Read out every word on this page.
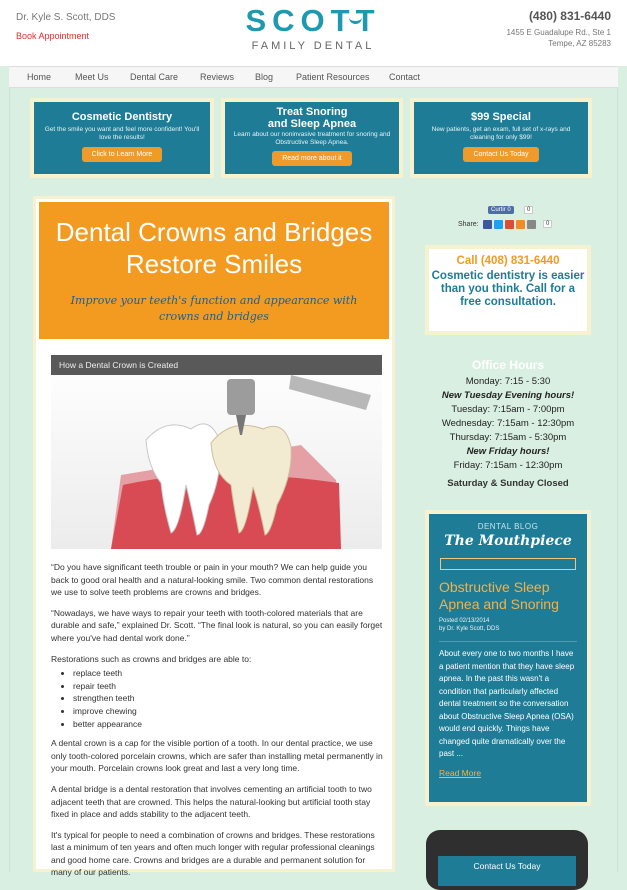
Dr. Kyle S. Scott, DDS
Book Appointment	SCOTT
FAMILY DENTAL
(480) 831-6440
1455 E Guadalupe Rd., Ste 1
Tempe, AZ 85283
Home	Meet Us Dental Care Reviews Blog	Patient Resources Contact
Cosmetic Dentistry
Get the smile you want and feel more confident! You'll love the results!
Click to Learn More
Treat Snoring
and Sleep Apnea
Learn about our noninvasive treatment for snoring and Obstructive Sleep Apnea.
Read more about it
$99 Special
New patients, get an exam, full set of x-rays and cleaning for only $99!
Contact Us Today
Dental Crowns and Bridges
Restore Smiles
Improve your teeth's function and appearance with crowns and bridges
How a Dental Crown is Created

“Do you have significant teeth trouble or pain in your mouth? We can help guide you back to good oral health and a natural-looking smile. Two common dental restorations we use to solve teeth problems are crowns and bridges.

“Nowadays, we have ways to repair your teeth with tooth-colored materials that are durable and safe,” explained Dr. Scott. “The final look is natural, so you can easily forget where you've had dental work done.”

Restorations such as crowns and bridges are able to:

• replace teeth
• repair teeth
• strengthen teeth
• improve chewing
• better appearance

A dental crown is a cap for the visible portion of a tooth. In our dental practice, we use only tooth-colored porcelain crowns, which are safer than installing metal permanently in your mouth. Porcelain crowns look great and last a very long time.

A dental bridge is a dental restoration that involves cementing an artificial tooth to two adjacent teeth that are crowned. This helps the natural-looking but artificial tooth stay fixed in place and adds stability to the adjacent teeth.

It's typical for people to need a combination of crowns and bridges. These restorations last a minimum of ten years and often much longer with regular professional cleanings and good home care. Crowns and bridges are a durable and permanent solution for many of our patients.

Curtir 0	0
Share:	0
Call (408) 831-6440
Cosmetic dentistry is easier than you think. Call for a free consultation.
Office Hours
Monday: 7:15 - 5:30
New Tuesday Evening hours!
Tuesday: 7:15am - 7:00pm
Wednesday: 7:15am - 12:30pm
Thursday: 7:15am - 5:30pm
New Friday hours!
Friday: 7:15am - 12:30pm
Saturday & Sunday Closed
DENTAL BLOG
The Mouthpiece
Obstructive Sleep Apnea and Snoring
Posted 02/13/2014
by Dr. Kyle Scott, DDS
About every one to two months I have a patient mention that they have sleep apnea. In the past this wasn't a condition that particularly affected dental treatment so the conversation about Obstructive Sleep Apnea (OSA) would end quickly. Things have changed quite dramatically over the past ...
Read More
Contact Us Today
